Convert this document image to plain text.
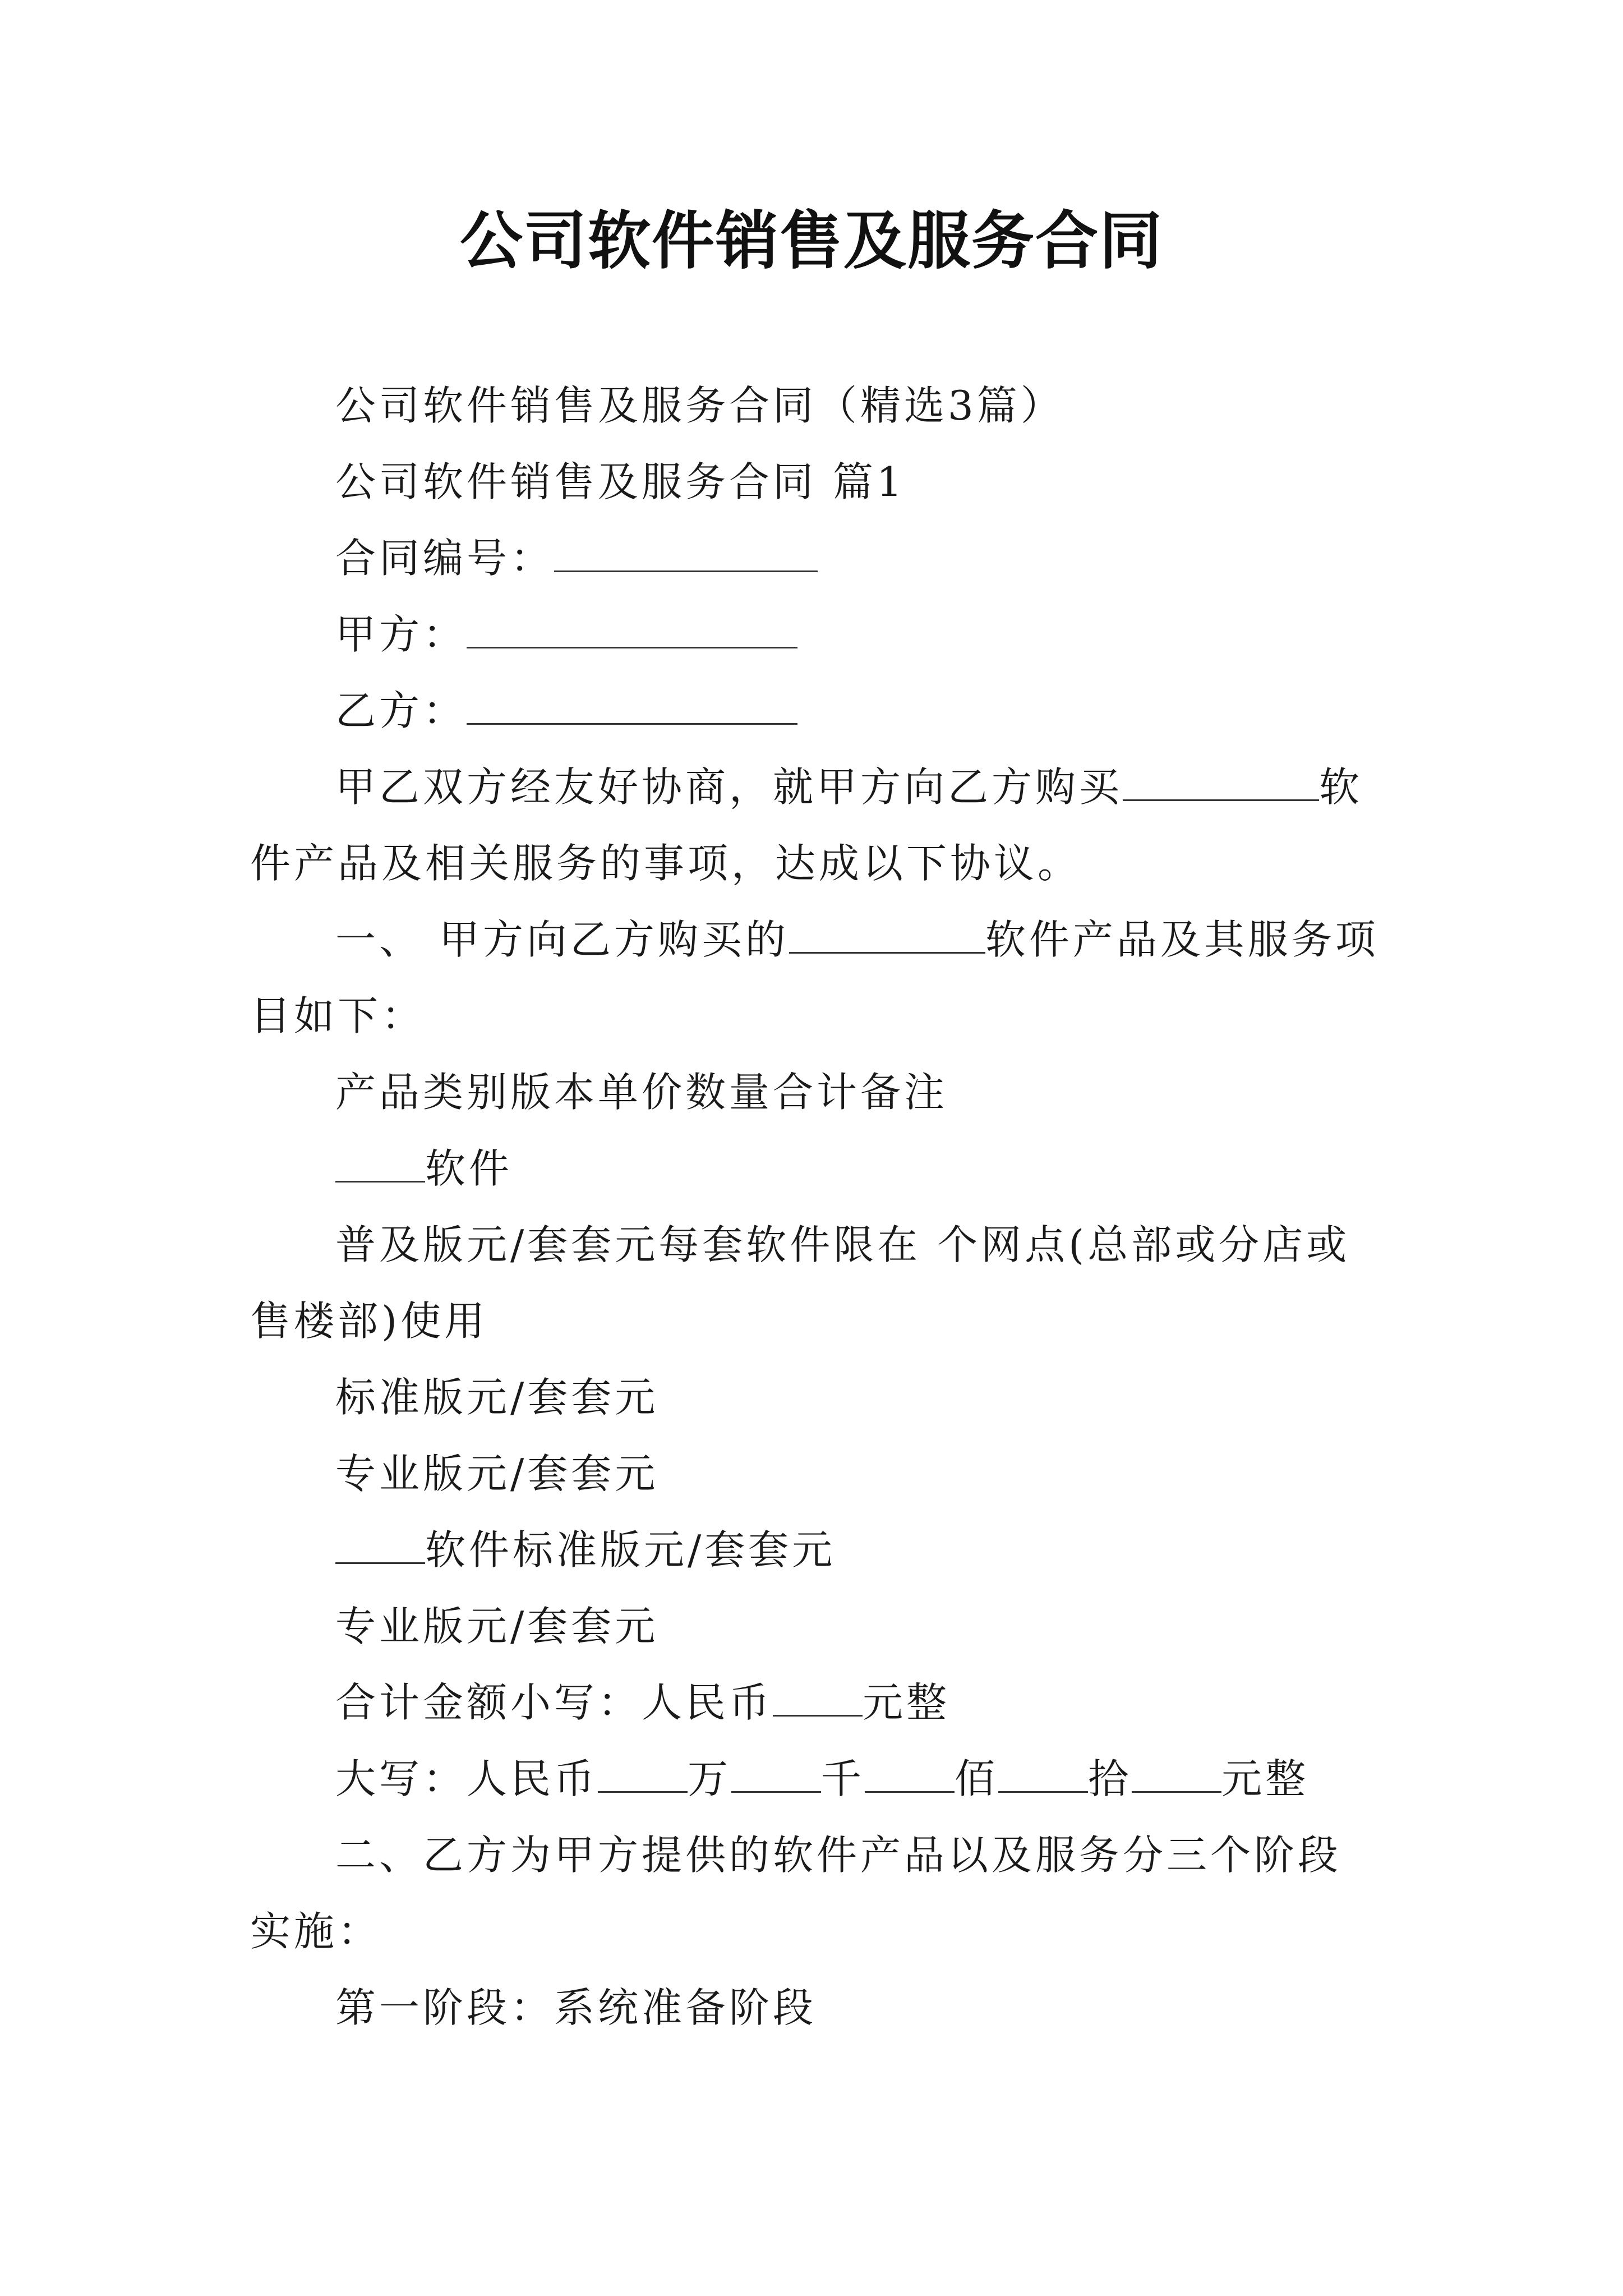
公司软件销售及服务合同

公司软件销售及服务合同（精选3篇）

公司软件销售及服务合同 篇1

合同编号：

甲方：

乙方：

甲乙双方经友好协商，就甲方向乙方购买	软件产品及相关服务的事项，达成以下协议。

一、 甲方向乙方购买的	软件产品及其服务项目如下：

产品类别版本单价数量合计备注

软件

普及版元/套套元每套软件限在 个网点(总部或分店或售楼部)使用

标准版元/套套元

专业版元/套套元

软件标准版元/套套元

专业版元/套套元

合计金额小写：人民币 元整

大写：人民币 万 千 佰 拾 元整

二、乙方为甲方提供的软件产品以及服务分三个阶段实施：

第一阶段：系统准备阶段
